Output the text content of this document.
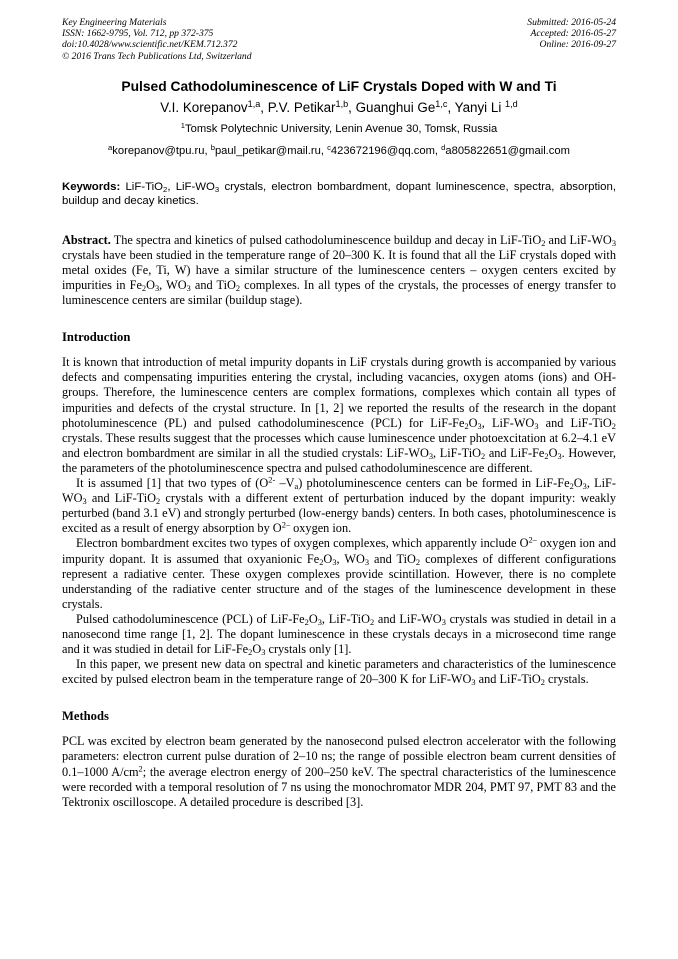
Key Engineering Materials
ISSN: 1662-9795, Vol. 712, pp 372-375
doi:10.4028/www.scientific.net/KEM.712.372
© 2016 Trans Tech Publications Ltd, Switzerland
Submitted: 2016-05-24
Accepted: 2016-05-27
Online: 2016-09-27
Pulsed Cathodoluminescence of LiF Crystals Doped with W and Ti
V.I. Korepanov$^{1,a}$, P.V. Petikar$^{1,b}$, Guanghui Ge$^{1,c}$, Yanyi Li $^{1,d}$
$^1$Tomsk Polytechnic University, Lenin Avenue 30, Tomsk, Russia
$^a$korepanov@tpu.ru, $^b$paul_petikar@mail.ru, $^c$423672196@qq.com, $^d$a805822651@gmail.com
Keywords: LiF-TiO$_2$, LiF-$WO_3$ crystals, electron bombardment, dopant luminescence, spectra, absorption, buildup and decay kinetics.
Abstract. The spectra and kinetics of pulsed cathodoluminescence buildup and decay in LiF-TiO$_2$ and LiF-$WO_3$ crystals have been studied in the temperature range of 20–300 K. It is found that all the LiF crystals doped with metal oxides (Fe, Ti, W) have a similar structure of the luminescence centers – oxygen centers excited by impurities in $Fe_2O_3$, $WO_3$ and TiO$_2$ complexes. In all types of the crystals, the processes of energy transfer to luminescence centers are similar (buildup stage).
Introduction
It is known that introduction of metal impurity dopants in LiF crystals during growth is accompanied by various defects and compensating impurities entering the crystal, including vacancies, oxygen atoms (ions) and OH-groups. Therefore, the luminescence centers are complex formations, complexes which contain all types of impurities and defects of the crystal structure. In [1, 2] we reported the results of the research in the dopant photoluminescence (PL) and pulsed cathodoluminescence (PCL) for LiF-$Fe_2O_3$, LiF-$WO_3$ and LiF-TiO$_2$ crystals. These results suggest that the processes which cause luminescence under photoexcitation at 6.2–4.1 eV and electron bombardment are similar in all the studied crystals: LiF-$WO_3$, LiF-TiO$_2$ and LiF-$Fe_2O_3$. However, the parameters of the photoluminescence spectra and pulsed cathodoluminescence are different.
It is assumed [1] that two types of ($O^{2-}$ $-V_a$) photoluminescence centers can be formed in LiF-$Fe_2O_3$, LiF-$WO_3$ and LiF-TiO$_2$ crystals with a different extent of perturbation induced by the dopant impurity: weakly perturbed (band 3.1 eV) and strongly perturbed (low-energy bands) centers. In both cases, photoluminescence is excited as a result of energy absorption by $O^{2-}$ oxygen ion.
Electron bombardment excites two types of oxygen complexes, which apparently include $O^{2-}$ oxygen ion and impurity dopant. It is assumed that oxyanionic $Fe_2O_3$, $WO_3$ and TiO$_2$ complexes of different configurations represent a radiative center. These oxygen complexes provide scintillation. However, there is no complete understanding of the radiative center structure and of the stages of the luminescence development in these crystals.
Pulsed cathodoluminescence (PCL) of LiF-$Fe_2O_3$, LiF-TiO$_2$ and LiF-$WO_3$ crystals was studied in detail in a nanosecond time range [1, 2]. The dopant luminescence in these crystals decays in a microsecond time range and it was studied in detail for LiF-$Fe_2O_3$ crystals only [1].
In this paper, we present new data on spectral and kinetic parameters and characteristics of the luminescence excited by pulsed electron beam in the temperature range of 20–300 K for LiF-$WO_3$ and LiF-TiO$_2$ crystals.
Methods
PCL was excited by electron beam generated by the nanosecond pulsed electron accelerator with the following parameters: electron current pulse duration of 2–10 ns; the range of possible electron beam current densities of 0.1–1000 $A/cm^2$; the average electron energy of 200–250 keV. The spectral characteristics of the luminescence were recorded with a temporal resolution of 7 ns using the monochromator MDR 204, PMT 97, PMT 83 and the Tektronix oscilloscope. A detailed procedure is described [3].
